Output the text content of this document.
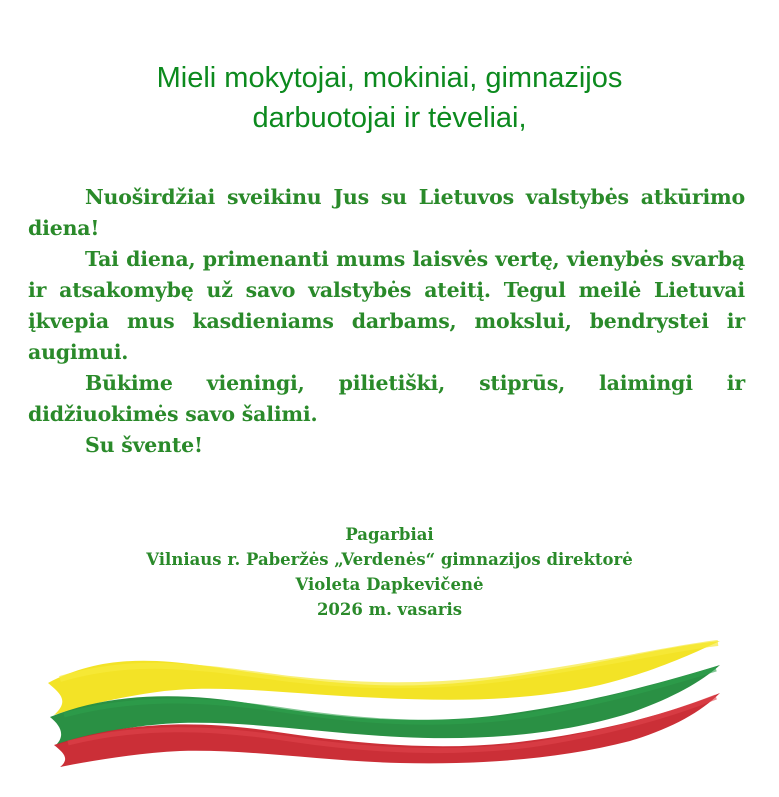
Mieli mokytojai, mokiniai, gimnazijos
darbuotojai ir tėveliai,

Nuoširdžiai sveikinu Jus su Lietuvos valstybės atkūrimo

diena!

Tai diena, primenanti mums laisvės vertę, vienybės svarbą

ir atsakomybę už savo valstybės ateitį. Tegul meilė Lietuvai
įkvepia mus kasdieniams darbams, mokslui, bendrystei ir
augimui.

Būkime vieningi, pilietiški, stiprūs, laimingi ir

didžiuokimės savo šalimi.

Su švente!

Pagarbiai
Vilniaus r. Paberžės „Verdenės“ gimnazijos direktorė
Violeta Dapkevičenė
2026 m. vasaris
